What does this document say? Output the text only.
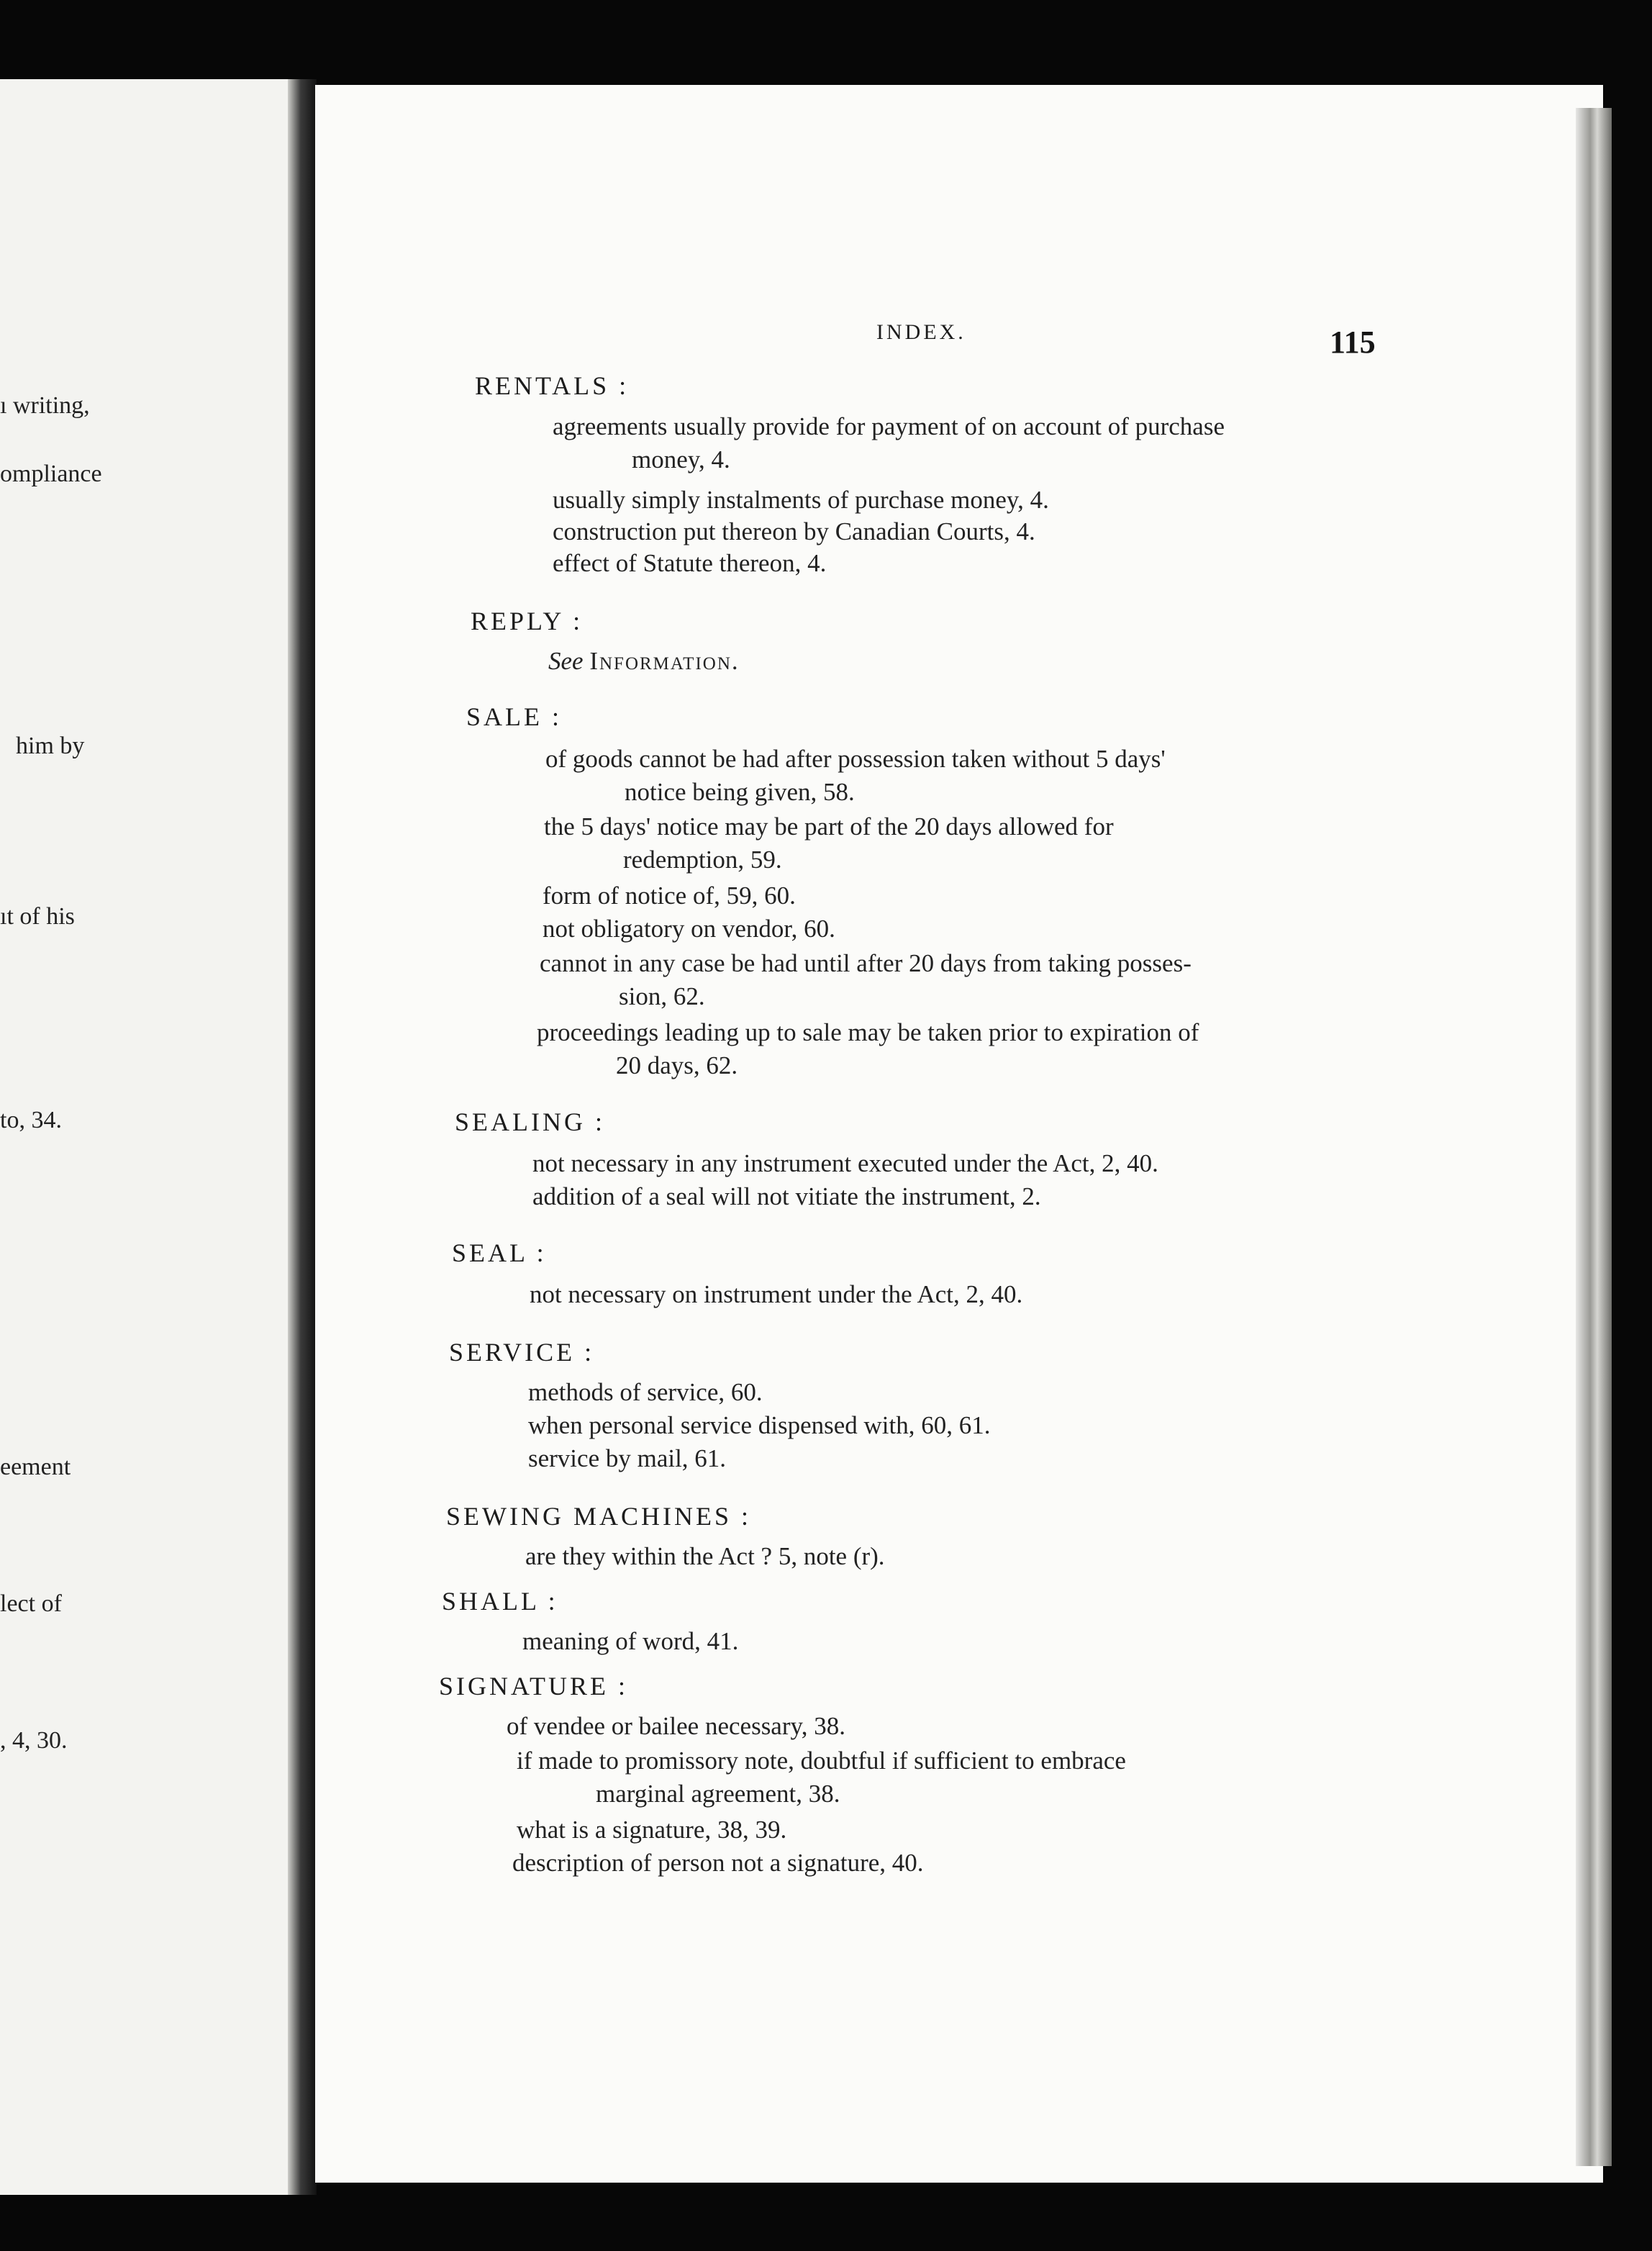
ı writing,
ompliance
him by
ıt of his
to, 34.
eement
lect of
, 4, 30.
INDEX.	115
RENTALS :
agreements usually provide for payment of on account of purchase
money, 4.
usually simply instalments of purchase money, 4.
construction put thereon by Canadian Courts, 4.
effect of Statute thereon, 4.
REPLY :
See Information.
SALE :
of goods cannot be had after possession taken without 5 days'
notice being given, 58.
the 5 days' notice may be part of the 20 days allowed for
redemption, 59.
form of notice of, 59, 60.
not obligatory on vendor, 60.
cannot in any case be had until after 20 days from taking posses-
sion, 62.
proceedings leading up to sale may be taken prior to expiration of
20 days, 62.
SEALING :
not necessary in any instrument executed under the Act, 2, 40.
addition of a seal will not vitiate the instrument, 2.
SEAL :
not necessary on instrument under the Act, 2, 40.
SERVICE :
methods of service, 60.
when personal service dispensed with, 60, 61.
service by mail, 61.
SEWING MACHINES :
are they within the Act ? 5, note (r).
SHALL :
meaning of word, 41.
SIGNATURE :
of vendee or bailee necessary, 38.
if made to promissory note, doubtful if sufficient to embrace
marginal agreement, 38.
what is a signature, 38, 39.
description of person not a signature, 40.
